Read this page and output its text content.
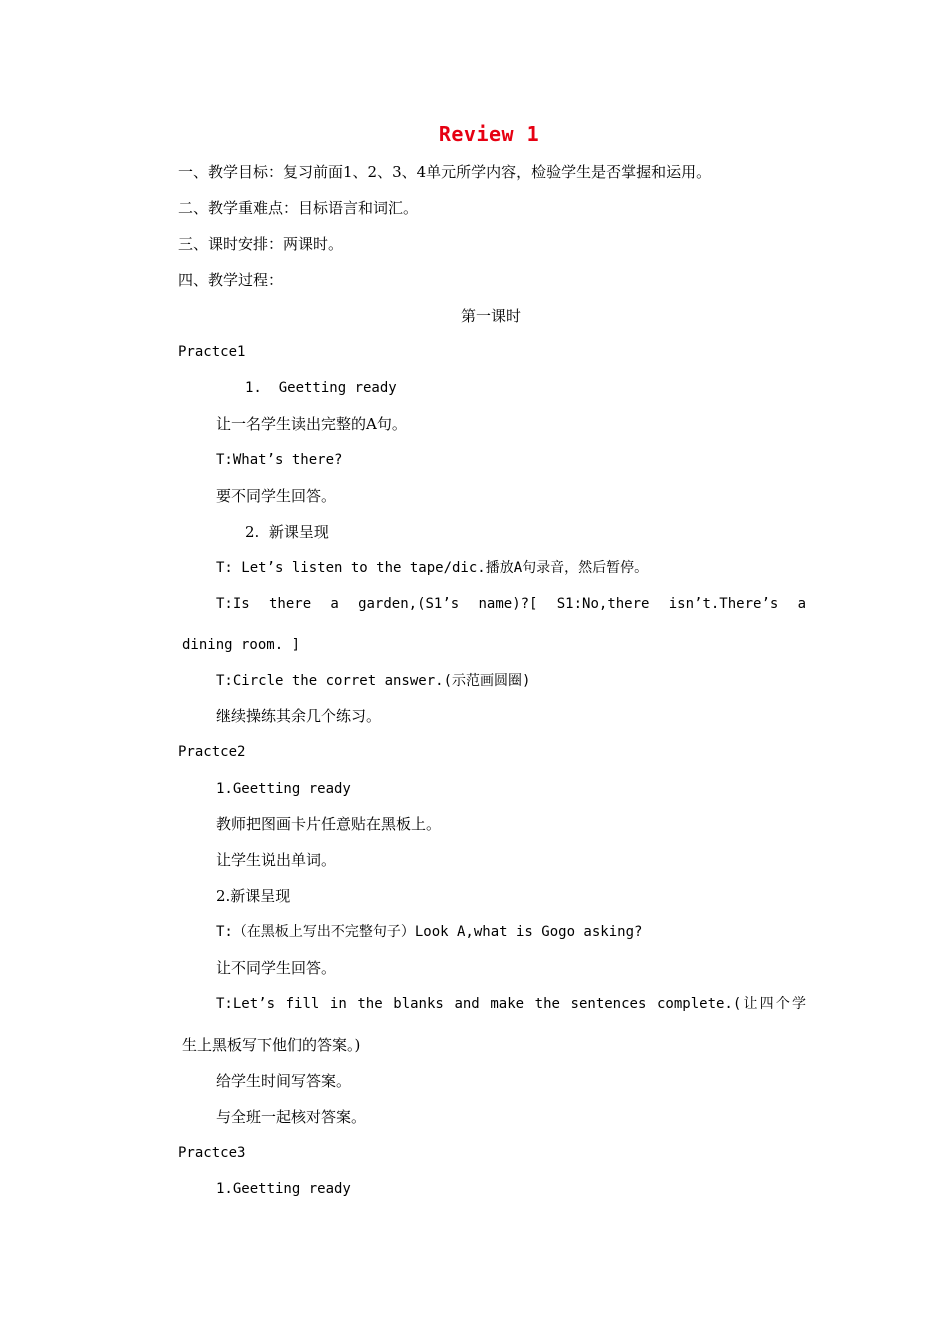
Review 1
一、教学目标：复习前面1、2、3、4单元所学内容，检验学生是否掌握和运用。
二、教学重难点：目标语言和词汇。
三、课时安排：两课时。
四、教学过程：
第一课时
Practce1
1.  Geetting ready
让一名学生读出完整的A句。
T:What’s there?
要不同学生回答。
2.  新课呈现
T: Let’s listen to the tape/dic.播放A句录音，然后暂停。
T:Is there a garden,(S1’s name)?[ S1:No,there isn’t.There’s a
dining room. ]
T:Circle the corret answer.(示范画圆圈)
继续操练其余几个练习。
Practce2
1.Geetting ready
教师把图画卡片任意贴在黑板上。
让学生说出单词。
2.新课呈现
T:（在黑板上写出不完整句子）Look A,what is Gogo asking?
让不同学生回答。
T:Let’s fill in the blanks and make the sentences complete.(让四个学
生上黑板写下他们的答案。)
给学生时间写答案。
与全班一起核对答案。
Practce3
1.Geetting ready
